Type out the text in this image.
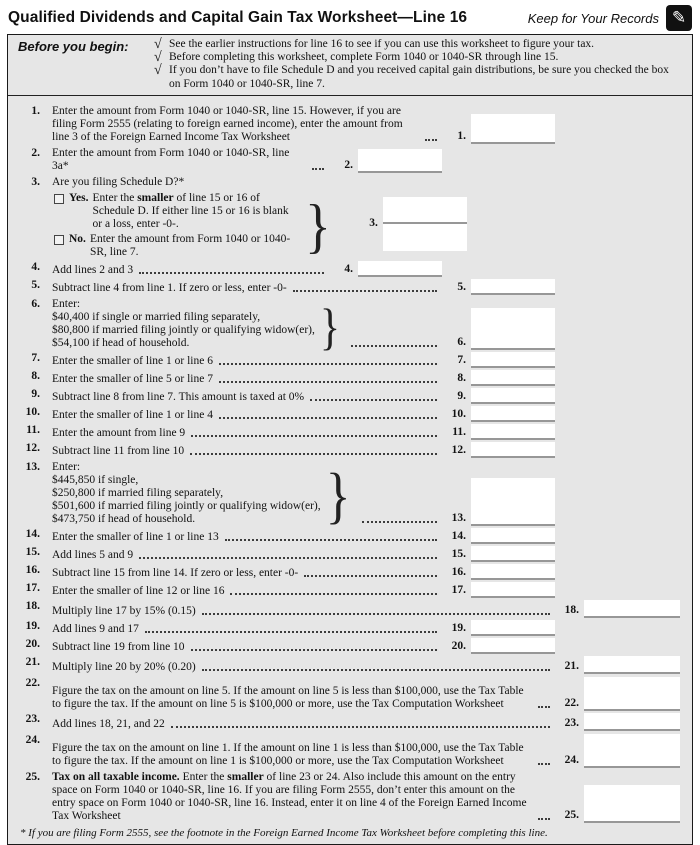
Qualified Dividends and Capital Gain Tax Worksheet—Line 16	Keep for Your Records ✎
Before you begin:	√ See the earlier instructions for line 16 to see if you can use this worksheet to figure your tax.
√ Before completing this worksheet, complete Form 1040 or 1040-SR through line 15.
√ If you don’t have to file Schedule D and you received capital gain distributions, be sure you checked the box on Form 1040 or 1040-SR, line 7.
1. Enter the amount from Form 1040 or 1040-SR, line 15. However, if you are filing Form 2555 (relating to foreign earned income), enter the amount from line 3 of the Foreign Earned Income Tax Worksheet	1.
2. Enter the amount from Form 1040 or 1040-SR, line 3a*	2.
3. Are you filing Schedule D?*
Yes. Enter the smaller of line 15 or 16 of Schedule D. If either line 15 or 16 is blank or a loss, enter -0-.
No. Enter the amount from Form 1040 or 1040-SR, line 7.	}	3.
4. Add lines 2 and 3	4.
5. Subtract line 4 from line 1. If zero or less, enter -0-	5.
6. Enter:
$40,400 if single or married filing separately,
$80,800 if married filing jointly or qualifying widow(er),
$54,100 if head of household.	}	6.
7. Enter the smaller of line 1 or line 6	7.
8. Enter the smaller of line 5 or line 7	8.
9. Subtract line 8 from line 7. This amount is taxed at 0%	9.
10. Enter the smaller of line 1 or line 4	10.
11. Enter the amount from line 9	11.
12. Subtract line 11 from line 10	12.
13. Enter:
$445,850 if single,
$250,800 if married filing separately,
$501,600 if married filing jointly or qualifying widow(er),
$473,750 if head of household.	}	13.
14. Enter the smaller of line 1 or line 13	14.
15. Add lines 5 and 9	15.
16. Subtract line 15 from line 14. If zero or less, enter -0-	16.
17. Enter the smaller of line 12 or line 16	17.
18. Multiply line 17 by 15% (0.15)	18.
19. Add lines 9 and 17	19.
20. Subtract line 19 from line 10	20.
21. Multiply line 20 by 20% (0.20)	21.
22.
Figure the tax on the amount on line 5. If the amount on line 5 is less than $100,000, use the Tax Table to figure the tax. If the amount on line 5 is $100,000 or more, use the Tax Computation Worksheet	22.
23. Add lines 18, 21, and 22	23.
24.
Figure the tax on the amount on line 1. If the amount on line 1 is less than $100,000, use the Tax Table to figure the tax. If the amount on line 1 is $100,000 or more, use the Tax Computation Worksheet	24.
25. Tax on all taxable income. Enter the smaller of line 23 or 24. Also include this amount on the entry space on Form 1040 or 1040-SR, line 16. If you are filing Form 2555, don’t enter this amount on the entry space on Form 1040 or 1040-SR, line 16. Instead, enter it on line 4 of the Foreign Earned Income Tax Worksheet	25.
* If you are filing Form 2555, see the footnote in the Foreign Earned Income Tax Worksheet before completing this line.
